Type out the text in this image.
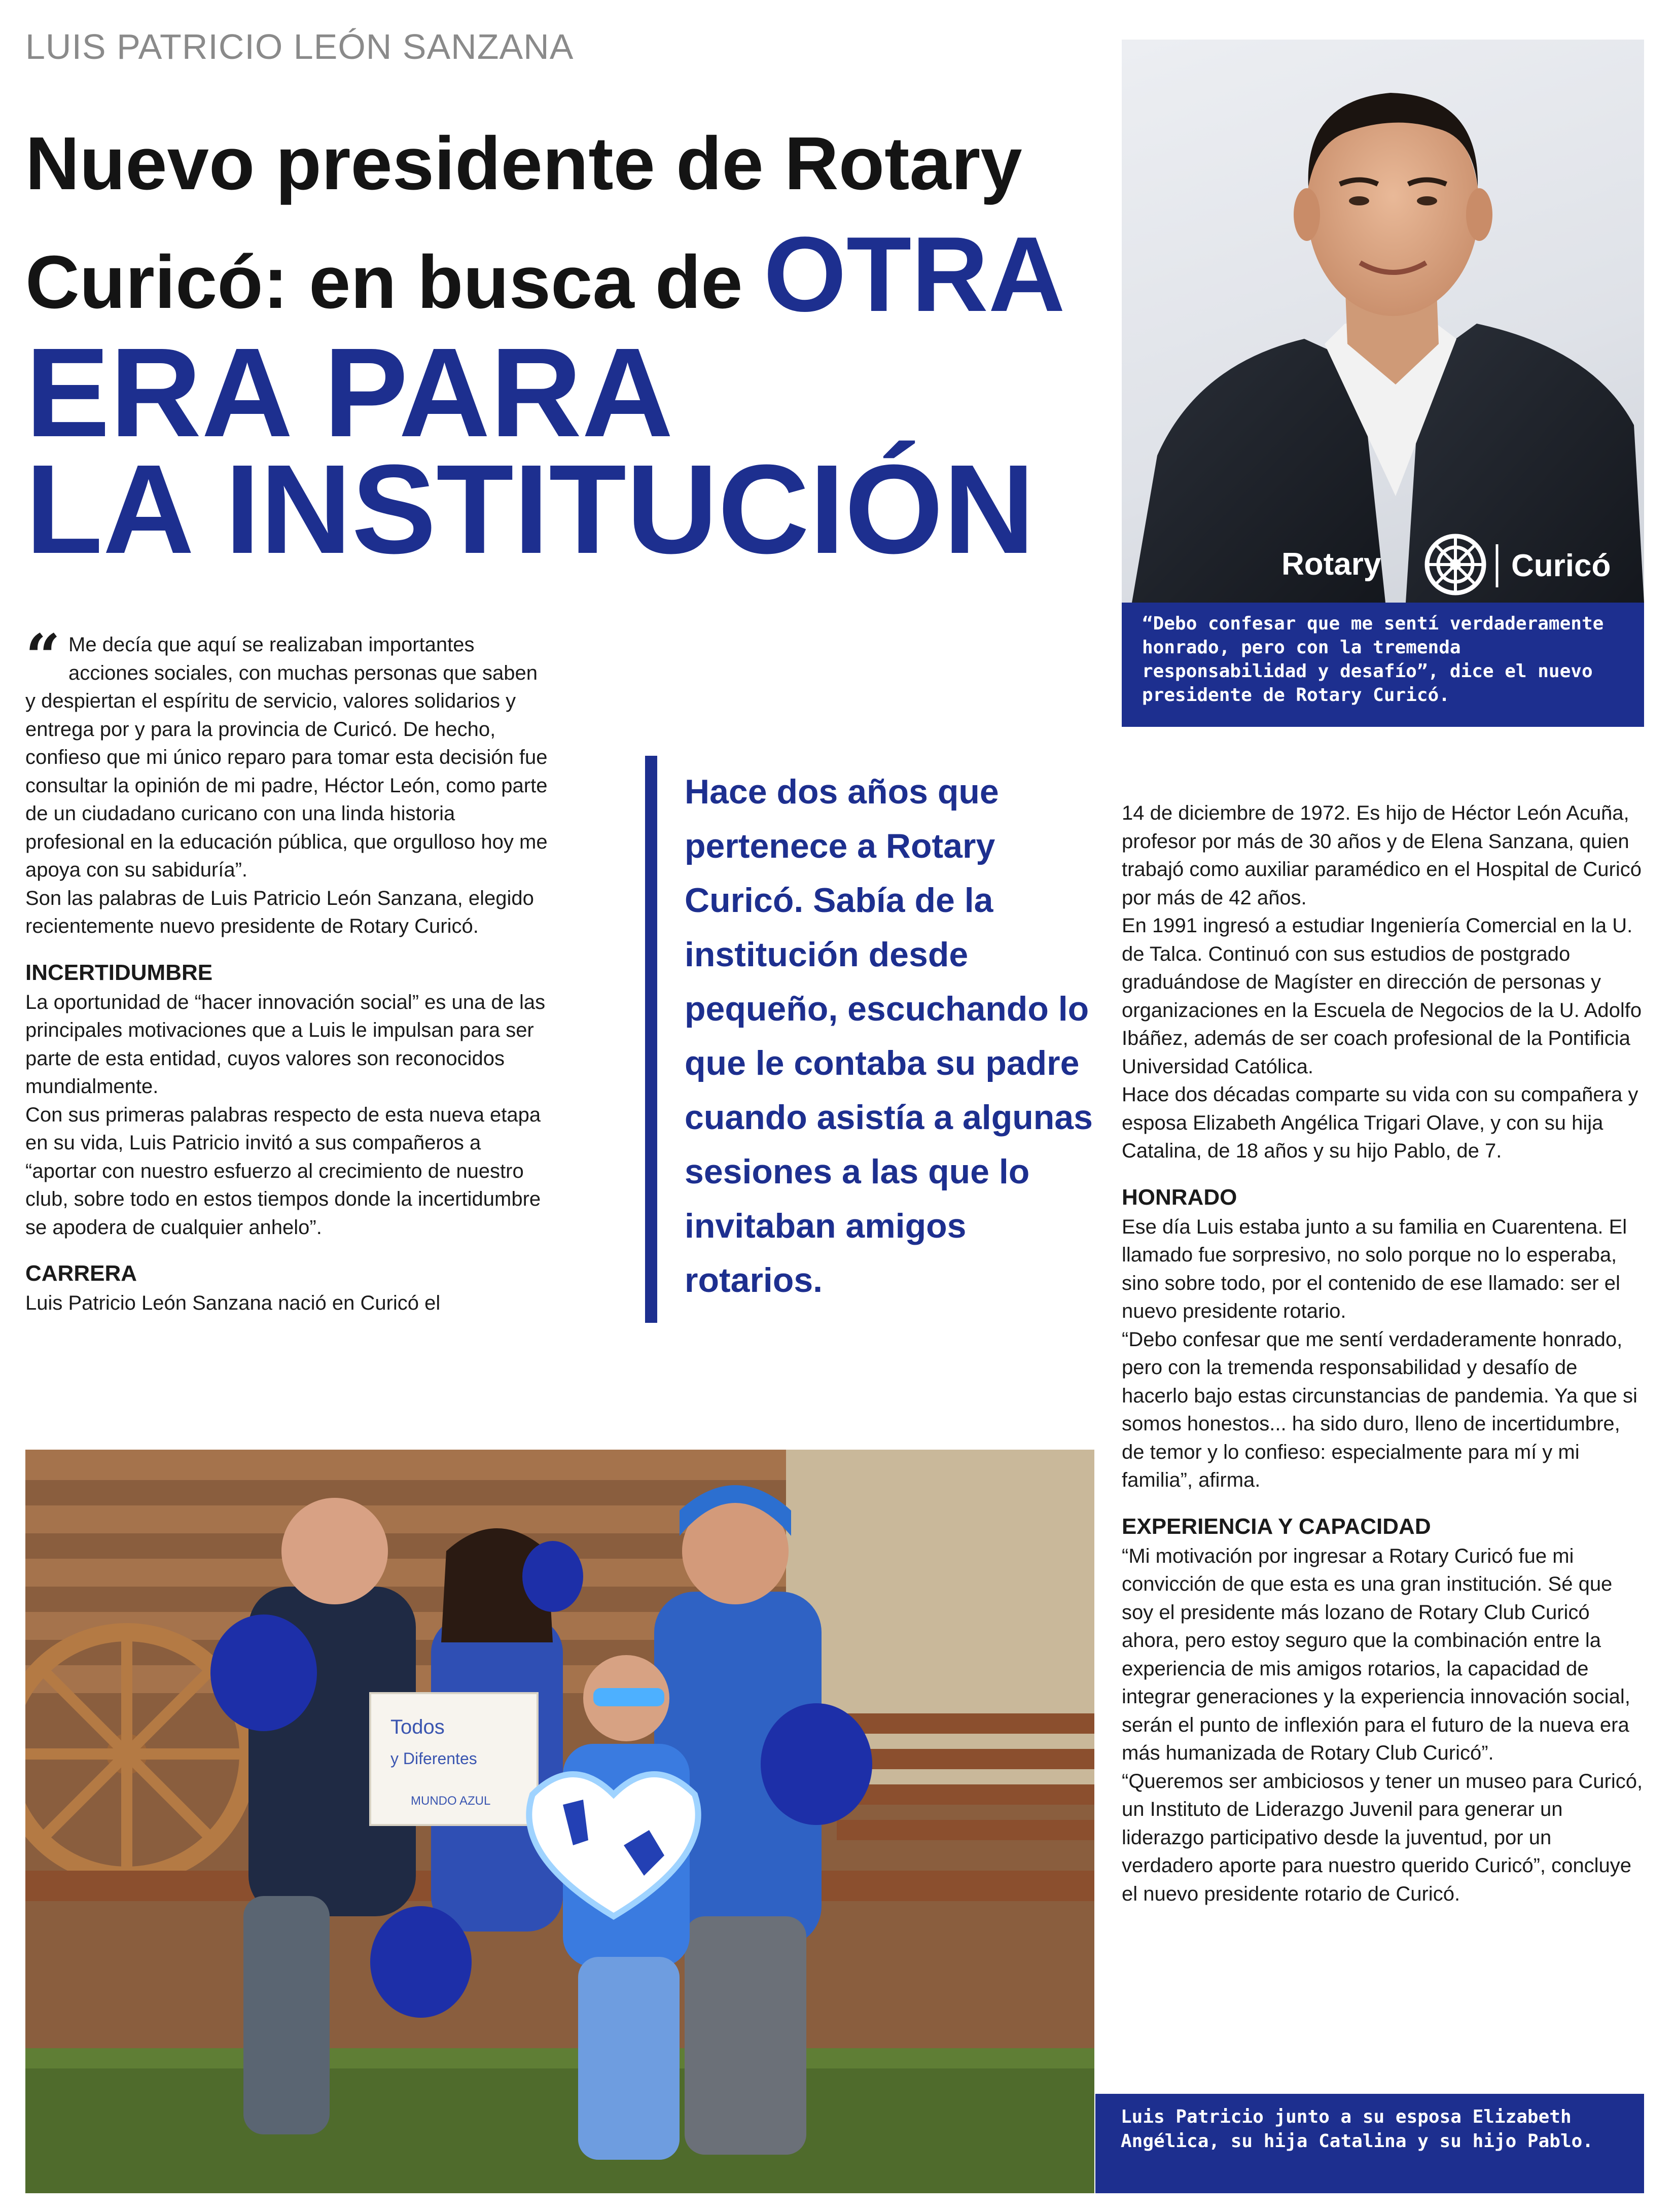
LUIS PATRICIO LEÓN SANZANA
Nuevo presidente de Rotary
Curicó: en busca de OTRA
ERA PARA
LA INSTITUCIÓN	Rotary	Curicó
“Debo confesar que me sentí verdaderamente honrado, pero con la tremenda responsabilidad y desafío”, dice el nuevo presidente de Rotary Curicó.

“ Me decía que aquí se realizaban importantes acciones sociales, con muchas personas que saben y despiertan el espíritu de servicio, valores solidarios y entrega por y para la provincia de Curicó. De hecho, confieso que mi único reparo para tomar esta decisión fue consultar la opinión de mi padre, Héctor León, como parte de un ciudadano curicano con una linda historia profesional en la educación pública, que orgulloso hoy me apoya con su sabiduría”.

Son las palabras de Luis Patricio León Sanzana, elegido recientemente nuevo presidente de Rotary Curicó.

INCERTIDUMBRE

La oportunidad de “hacer innovación social” es una de las principales motivaciones que a Luis le impulsan para ser parte de esta entidad, cuyos valores son reconocidos mundialmente.

Con sus primeras palabras respecto de esta nueva etapa en su vida, Luis Patricio invitó a sus compañeros a “aportar con nuestro esfuerzo al crecimiento de nuestro club, sobre todo en estos tiempos donde la incertidumbre se apodera de cualquier anhelo”.

CARRERA

Luis Patricio León Sanzana nació en Curicó el

Hace dos años que pertenece a Rotary Curicó. Sabía de la institución desde pequeño, escuchando lo que le contaba su padre cuando asistía a algunas sesiones a las que lo invitaban amigos rotarios.

14 de diciembre de 1972. Es hijo de Héctor León Acuña, profesor por más de 30 años y de Elena Sanzana, quien trabajó como auxiliar paramédico en el Hospital de Curicó por más de 42 años.

En 1991 ingresó a estudiar Ingeniería Comercial en la U. de Talca. Continuó con sus estudios de postgrado graduándose de Magíster en dirección de personas y organizaciones en la Escuela de Negocios de la U. Adolfo Ibáñez, además de ser coach profesional de la Pontificia Universidad Católica.

Hace dos décadas comparte su vida con su compañera y esposa Elizabeth Angélica Trigari Olave, y con su hija Catalina, de 18 años y su hijo Pablo, de 7.

HONRADO

Ese día Luis estaba junto a su familia en Cuarentena. El llamado fue sorpresivo, no solo porque no lo esperaba, sino sobre todo, por el contenido de ese llamado: ser el nuevo presidente rotario.

“Debo confesar que me sentí verdaderamente honrado, pero con la tremenda responsabilidad y desafío de hacerlo bajo estas circunstancias de pandemia. Ya que si somos honestos... ha sido duro, lleno de incertidumbre, de temor y lo confieso: especialmente para mí y mi familia”, afirma.

EXPERIENCIA Y CAPACIDAD

“Mi motivación por ingresar a Rotary Curicó fue mi convicción de que esta es una gran institución. Sé que soy el presidente más lozano de Rotary Club Curicó ahora, pero estoy seguro que la combinación entre la experiencia de mis amigos rotarios, la capacidad de integrar generaciones y la experiencia innovación social, serán el punto de inflexión para el futuro de la nueva era más humanizada de Rotary Club Curicó”.

“Queremos ser ambiciosos y tener un museo para Curicó, un Instituto de Liderazgo Juvenil para generar un liderazgo participativo desde la juventud, por un verdadero aporte para nuestro querido Curicó”, concluye el nuevo presidente rotario de Curicó.

Todos
y Diferentes
MUNDO AZUL
Luis Patricio junto a su esposa Elizabeth Angélica, su hija Catalina y su hijo Pablo.
